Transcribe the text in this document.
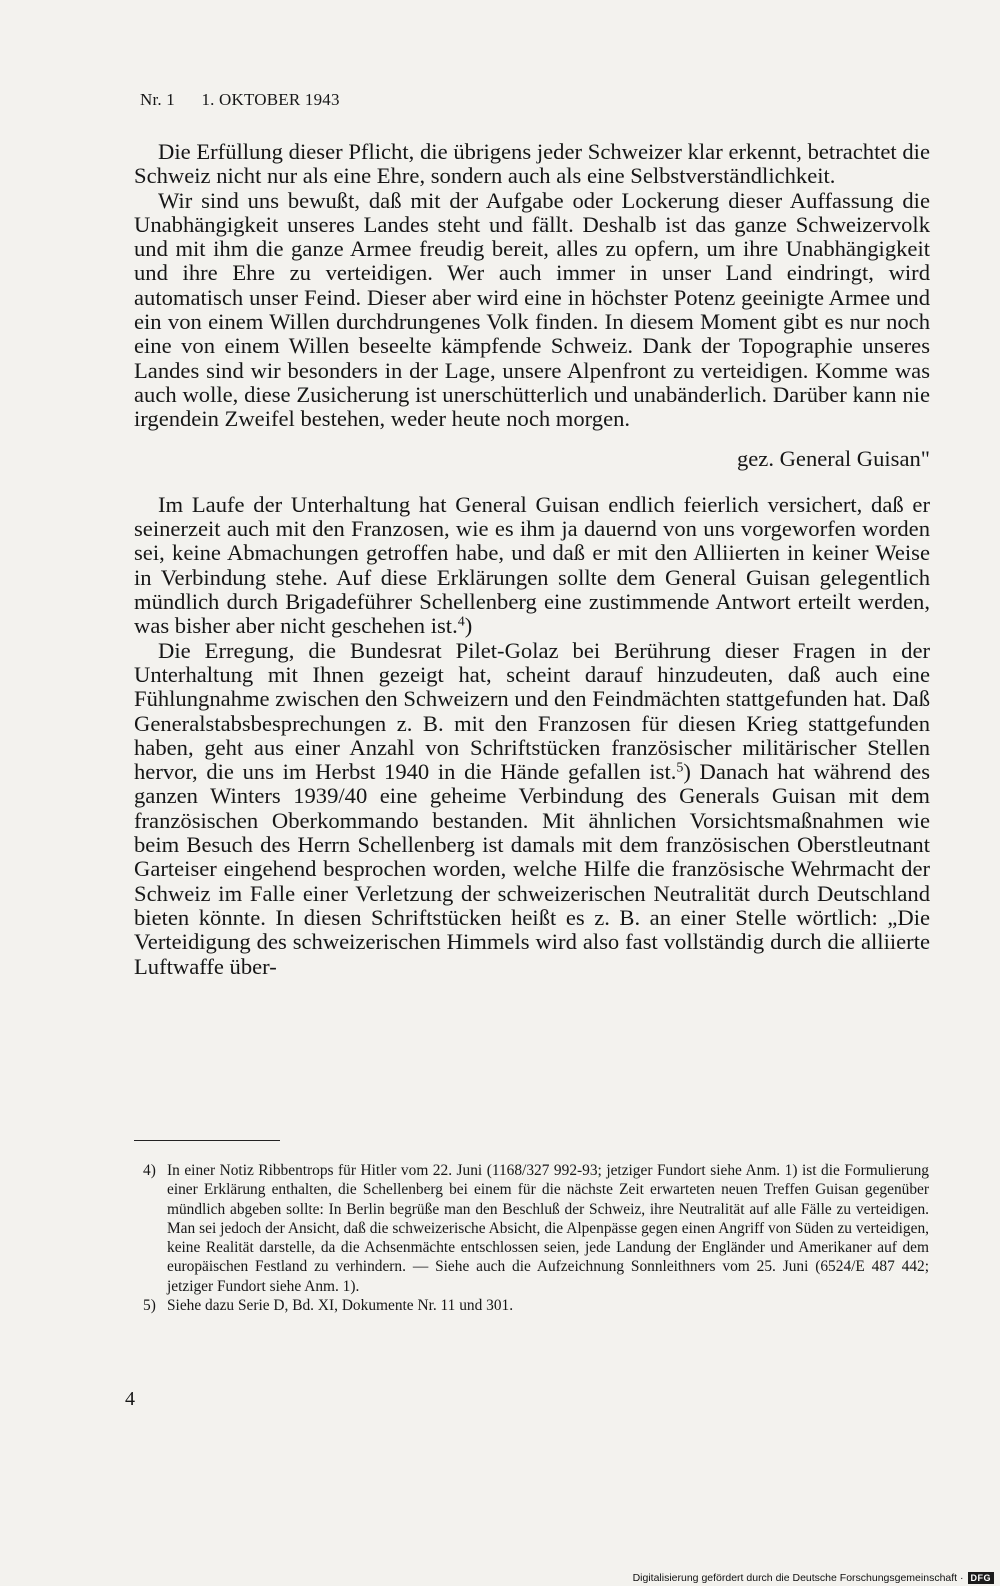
Nr. 1 1. OKTOBER 1943

Die Erfüllung dieser Pflicht, die übrigens jeder Schweizer klar erkennt, betrachtet die Schweiz nicht nur als eine Ehre, sondern auch als eine Selbstverständlichkeit.

Wir sind uns bewußt, daß mit der Aufgabe oder Lockerung dieser Auffassung die Unabhängigkeit unseres Landes steht und fällt. Deshalb ist das ganze Schweizervolk und mit ihm die ganze Armee freudig bereit, alles zu opfern, um ihre Unabhängigkeit und ihre Ehre zu verteidigen. Wer auch immer in unser Land eindringt, wird automatisch unser Feind. Dieser aber wird eine in höchster Potenz geeinigte Armee und ein von einem Willen durchdrungenes Volk finden. In diesem Moment gibt es nur noch eine von einem Willen beseelte kämpfende Schweiz. Dank der Topographie unseres Landes sind wir besonders in der Lage, unsere Alpenfront zu verteidigen. Komme was auch wolle, diese Zusicherung ist unerschütterlich und unabänderlich. Darüber kann nie irgendein Zweifel bestehen, weder heute noch morgen.

gez. General Guisan"

Im Laufe der Unterhaltung hat General Guisan endlich feierlich versichert, daß er seinerzeit auch mit den Franzosen, wie es ihm ja dauernd von uns vorgeworfen worden sei, keine Abmachungen getroffen habe, und daß er mit den Alliierten in keiner Weise in Verbindung stehe. Auf diese Erklärungen sollte dem General Guisan gelegentlich mündlich durch Brigadeführer Schellenberg eine zustimmende Antwort erteilt werden, was bisher aber nicht geschehen ist.$^4$)

Die Erregung, die Bundesrat Pilet-Golaz bei Berührung dieser Fragen in der Unterhaltung mit Ihnen gezeigt hat, scheint darauf hinzudeuten, daß auch eine Fühlungnahme zwischen den Schweizern und den Feindmächten stattgefunden hat. Daß Generalstabsbesprechungen z. B. mit den Franzosen für diesen Krieg stattgefunden haben, geht aus einer Anzahl von Schriftstücken französischer militärischer Stellen hervor, die uns im Herbst 1940 in die Hände gefallen ist.$^5$) Danach hat während des ganzen Winters 1939/40 eine geheime Verbindung des Generals Guisan mit dem französischen Oberkommando bestanden. Mit ähnlichen Vorsichtsmaßnahmen wie beim Besuch des Herrn Schellenberg ist damals mit dem französischen Oberstleutnant Garteiser eingehend besprochen worden, welche Hilfe die französische Wehrmacht der Schweiz im Falle einer Verletzung der schweizerischen Neutralität durch Deutschland bieten könnte. In diesen Schriftstücken heißt es z. B. an einer Stelle wörtlich: „Die Verteidigung des schweizerischen Himmels wird also fast vollständig durch die alliierte Luftwaffe über-

4) In einer Notiz Ribbentrops für Hitler vom 22. Juni (1168/327 992-93; jetziger Fundort siehe Anm. 1) ist die Formulierung einer Erklärung enthalten, die Schellenberg bei einem für die nächste Zeit erwarteten neuen Treffen Guisan gegenüber mündlich abgeben sollte: In Berlin begrüße man den Beschluß der Schweiz, ihre Neutralität auf alle Fälle zu verteidigen. Man sei jedoch der Ansicht, daß die schweizerische Absicht, die Alpenpässe gegen einen Angriff von Süden zu verteidigen, keine Realität darstelle, da die Achsenmächte entschlossen seien, jede Landung der Engländer und Amerikaner auf dem europäischen Festland zu verhindern. — Siehe auch die Aufzeichnung Sonnleithners vom 25. Juni (6524/E 487 442; jetziger Fundort siehe Anm. 1).
5) Siehe dazu Serie D, Bd. XI, Dokumente Nr. 11 und 301.
4
Digitalisierung gefördert durch die Deutsche Forschungsgemeinschaft · DFG
